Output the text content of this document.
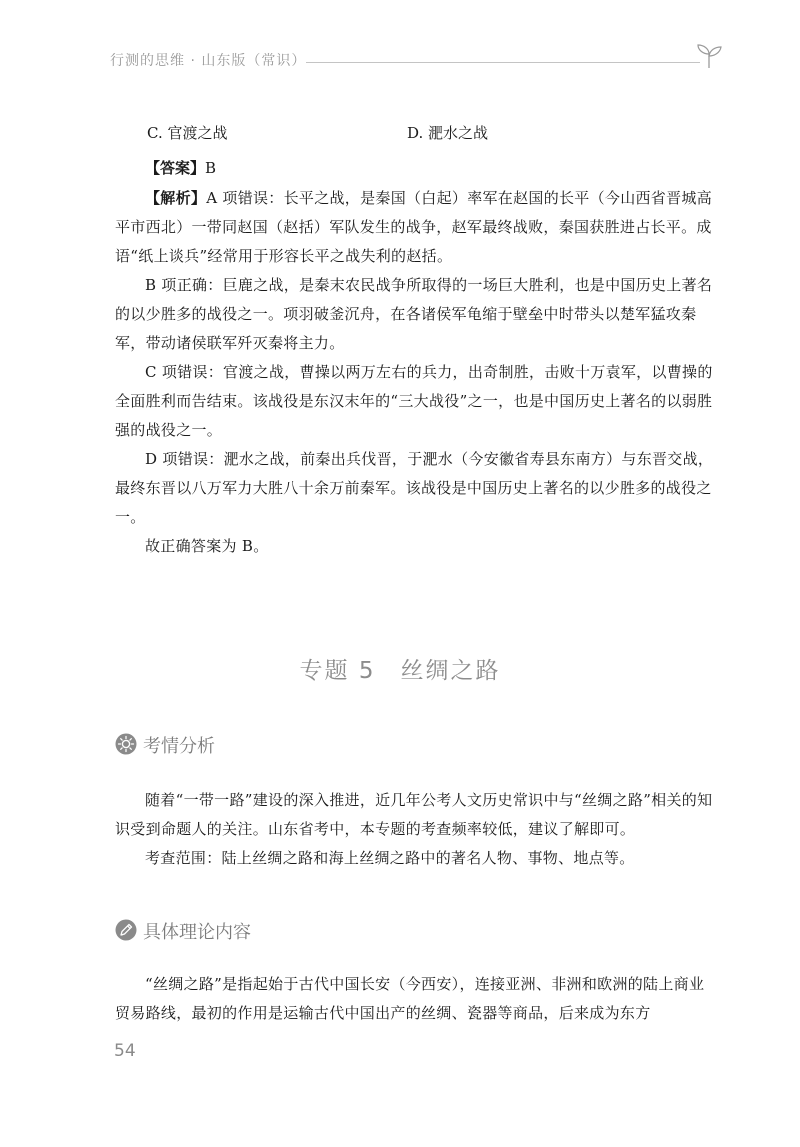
行测的思维 · 山东版（常识）
C. 官渡之战	D. 淝水之战
【答案】B

【解析】A 项错误：长平之战，是秦国（白起）率军在赵国的长平（今山西省晋城高平市西北）一带同赵国（赵括）军队发生的战争，赵军最终战败，秦国获胜进占长平。成语“纸上谈兵”经常用于形容长平之战失利的赵括。

B 项正确：巨鹿之战，是秦末农民战争所取得的一场巨大胜利，也是中国历史上著名的以少胜多的战役之一。项羽破釜沉舟，在各诸侯军龟缩于壁垒中时带头以楚军猛攻秦军，带动诸侯联军歼灭秦将主力。

C 项错误：官渡之战，曹操以两万左右的兵力，出奇制胜，击败十万袁军，以曹操的全面胜利而告结束。该战役是东汉末年的“三大战役”之一，也是中国历史上著名的以弱胜强的战役之一。

D 项错误：淝水之战，前秦出兵伐晋，于淝水（今安徽省寿县东南方）与东晋交战，最终东晋以八万军力大胜八十余万前秦军。该战役是中国历史上著名的以少胜多的战役之一。

故正确答案为 B。

专题 5　丝绸之路
考情分析

随着“一带一路”建设的深入推进，近几年公考人文历史常识中与“丝绸之路”相关的知识受到命题人的关注。山东省考中，本专题的考查频率较低，建议了解即可。

考查范围：陆上丝绸之路和海上丝绸之路中的著名人物、事物、地点等。

具体理论内容

“丝绸之路”是指起始于古代中国长安（今西安），连接亚洲、非洲和欧洲的陆上商业贸易路线，最初的作用是运输古代中国出产的丝绸、瓷器等商品，后来成为东方

54
